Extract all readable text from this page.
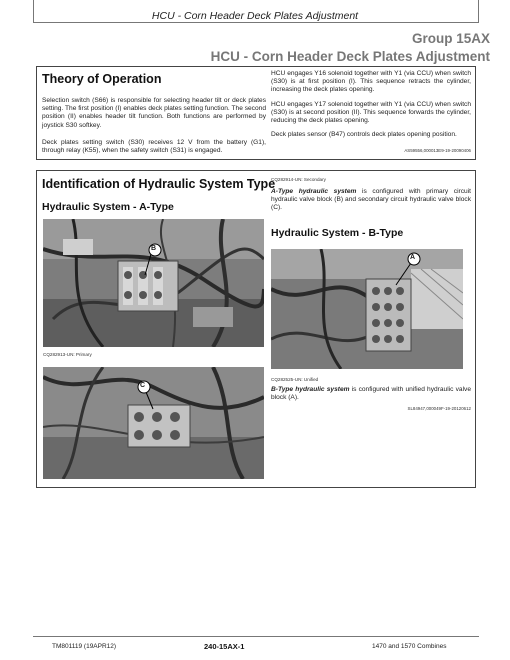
HCU - Corn Header Deck Plates Adjustment
Group 15AX
HCU - Corn Header Deck Plates Adjustment
Theory of Operation
Selection switch (S66) is responsible for selecting header tilt or deck plates setting. The first position (I) enables deck plates setting function. The second position (II) enables header tilt function. Both functions are performed by joystick S30 softkey.
Deck plates setting switch (S30) receives 12 V from the battery (G1), through relay (K55), when the safety switch (S31) is engaged.
HCU engages Y16 solenoid together with Y1 (via CCU) when switch (S30) is at first position (I). This sequence retracts the cylinder, increasing the deck plates opening.
HCU engages Y17 solenoid together with Y1 (via CCU) when switch (S30) is at second position (II). This sequence forwards the cylinder, reducing the deck plates opening.
Deck plates sensor (B47) controls deck plates opening position.
AS59556,000013E9-19-20090406
Identification of Hydraulic System Type
Hydraulic System - A-Type
B
CQ282913-UN: Primary
C
CQ282914-UN: Secondary
A-Type hydraulic system is configured with primary circuit hydraulic valve block (B) and secondary circuit hydraulic valve block (C).
Hydraulic System - B-Type
A
CQ282525-UN: Unified
B-Type hydraulic system is configured with unified hydraulic valve block (A).
SL84947,000049F-19-20120612
TM801119 (19APR12)	240-15AX-1	1470 and 1570 Combines
